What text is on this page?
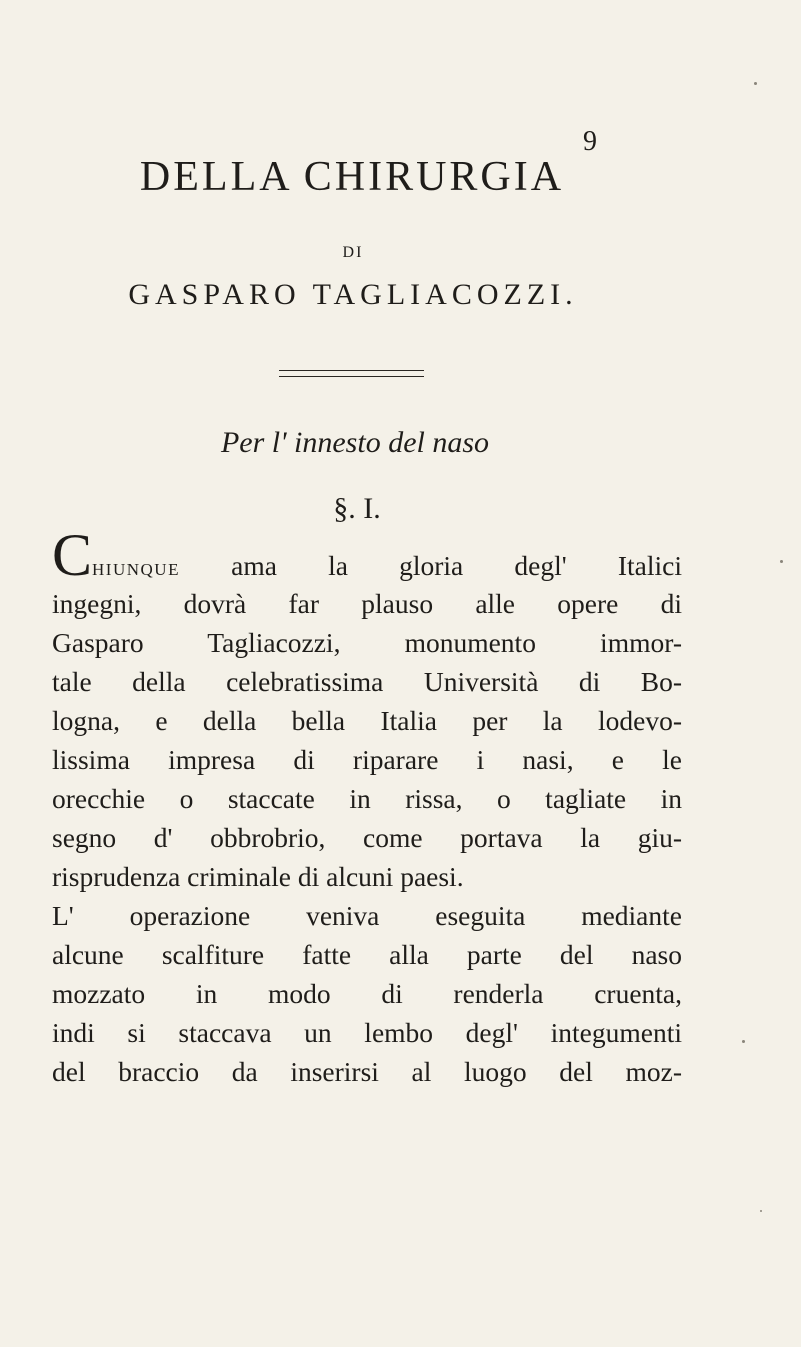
9
DELLA CHIRURGIA
DI
GASPARO TAGLIACOZZI.
Per l' innesto del naso
§. I.
CHIUNQUE ama la gloria degl' Italici
ingegni, dovrà far plauso alle opere di
Gasparo Tagliacozzi, monumento immor-
tale della celebratissima Università di Bo-
logna, e della bella Italia per la lodevo-
lissima impresa di riparare i nasi, e le
orecchie o staccate in rissa, o tagliate in
segno d' obbrobrio, come portava la giu-
risprudenza criminale di alcuni paesi.
L' operazione veniva eseguita mediante
alcune scalfiture fatte alla parte del naso
mozzato in modo di renderla cruenta,
indi si staccava un lembo degl' integumenti
del braccio da inserirsi al luogo del moz-
